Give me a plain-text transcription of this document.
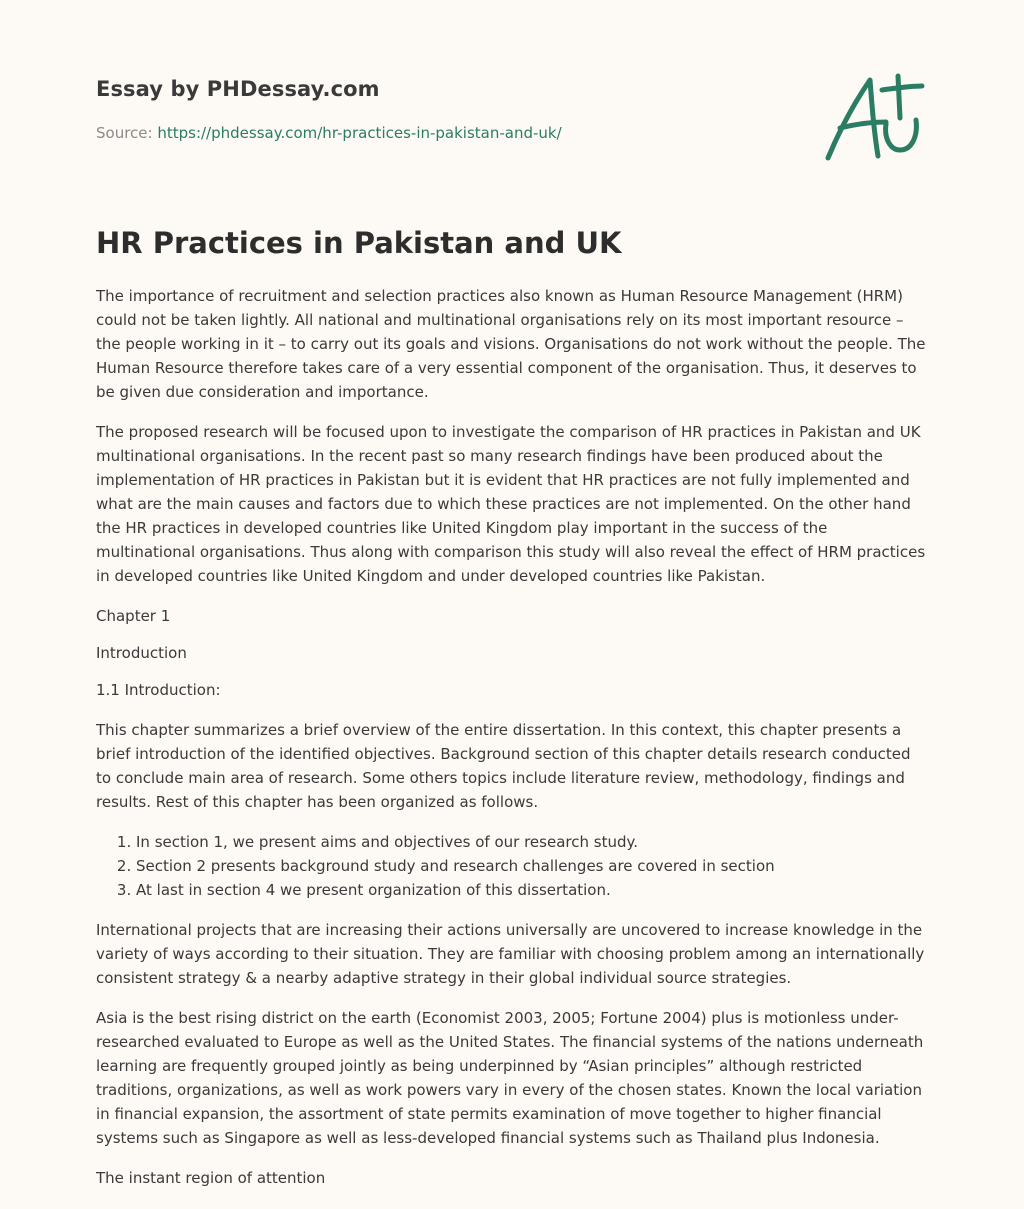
Essay by PHDessay.com
Source: https://phdessay.com/hr-practices-in-pakistan-and-uk/
HR Practices in Pakistan and UK

The importance of recruitment and selection practices also known as Human Resource Management (HRM) could not be taken lightly. All national and multinational organisations rely on its most important resource – the people working in it – to carry out its goals and visions. Organisations do not work without the people. The Human Resource therefore takes care of a very essential component of the organisation. Thus, it deserves to be given due consideration and importance.

The proposed research will be focused upon to investigate the comparison of HR practices in Pakistan and UK multinational organisations. In the recent past so many research findings have been produced about the implementation of HR practices in Pakistan but it is evident that HR practices are not fully implemented and what are the main causes and factors due to which these practices are not implemented. On the other hand the HR practices in developed countries like United Kingdom play important in the success of the multinational organisations. Thus along with comparison this study will also reveal the effect of HRM practices in developed countries like United Kingdom and under developed countries like Pakistan.

Chapter 1

Introduction

1.1 Introduction:

This chapter summarizes a brief overview of the entire dissertation. In this context, this chapter presents a brief introduction of the identified objectives. Background section of this chapter details research conducted to conclude main area of research. Some others topics include literature review, methodology, findings and results. Rest of this chapter has been organized as follows.

1. In section 1, we present aims and objectives of our research study.
2. Section 2 presents background study and research challenges are covered in section
3. At last in section 4 we present organization of this dissertation.

International projects that are increasing their actions universally are uncovered to increase knowledge in the variety of ways according to their situation. They are familiar with choosing problem among an internationally consistent strategy & a nearby adaptive strategy in their global individual source strategies.

Asia is the best rising district on the earth (Economist 2003, 2005; Fortune 2004) plus is motionless under-researched evaluated to Europe as well as the United States. The financial systems of the nations underneath learning are frequently grouped jointly as being underpinned by “Asian principles” although restricted traditions, organizations, as well as work powers vary in every of the chosen states. Known the local variation in financial expansion, the assortment of state permits examination of move together to higher financial systems such as Singapore as well as less-developed financial systems such as Thailand plus Indonesia.

The instant region of attention
